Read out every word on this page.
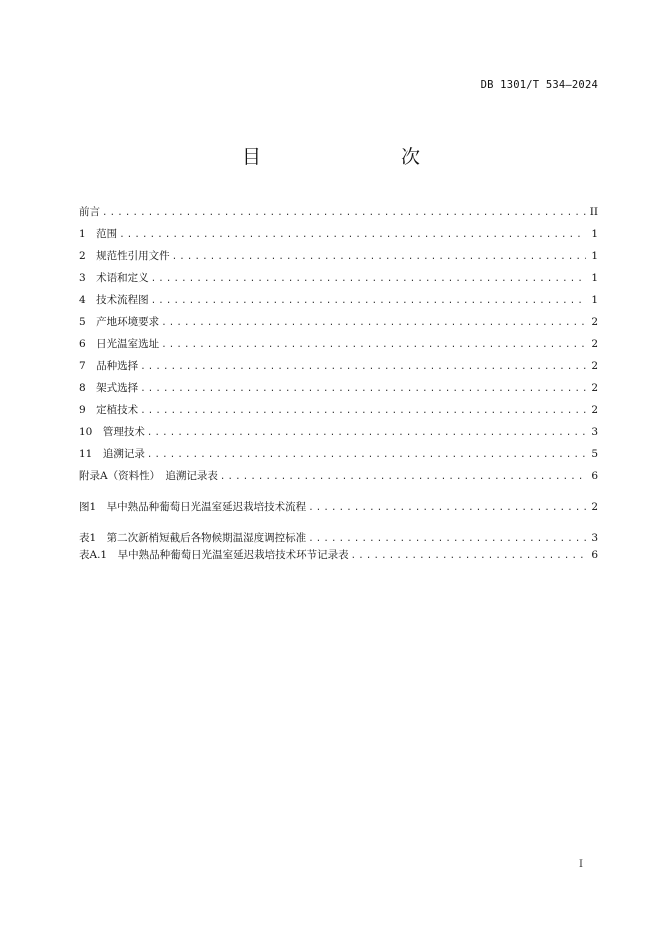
DB 1301/T 534—2024
目　　次
前言 .....	II
1　范围 .....	1
2　规范性引用文件 .....	1
3　术语和定义 .....	1
4　技术流程图 .....	1
5　产地环境要求 .....	2
6　日光温室选址 .....	2
7　品种选择 .....	2
8　架式选择 .....	2
9　定植技术 .....	2
10　管理技术 .....	3
11　追溯记录 .....	5
附录A（资料性）　追溯记录表 .....	6
图1　早中熟品种葡萄日光温室延迟栽培技术流程 .....	2
表1　第二次新梢短截后各物候期温湿度调控标准 .....	3
表A.1　早中熟品种葡萄日光温室延迟栽培技术环节记录表 .....	6
I
